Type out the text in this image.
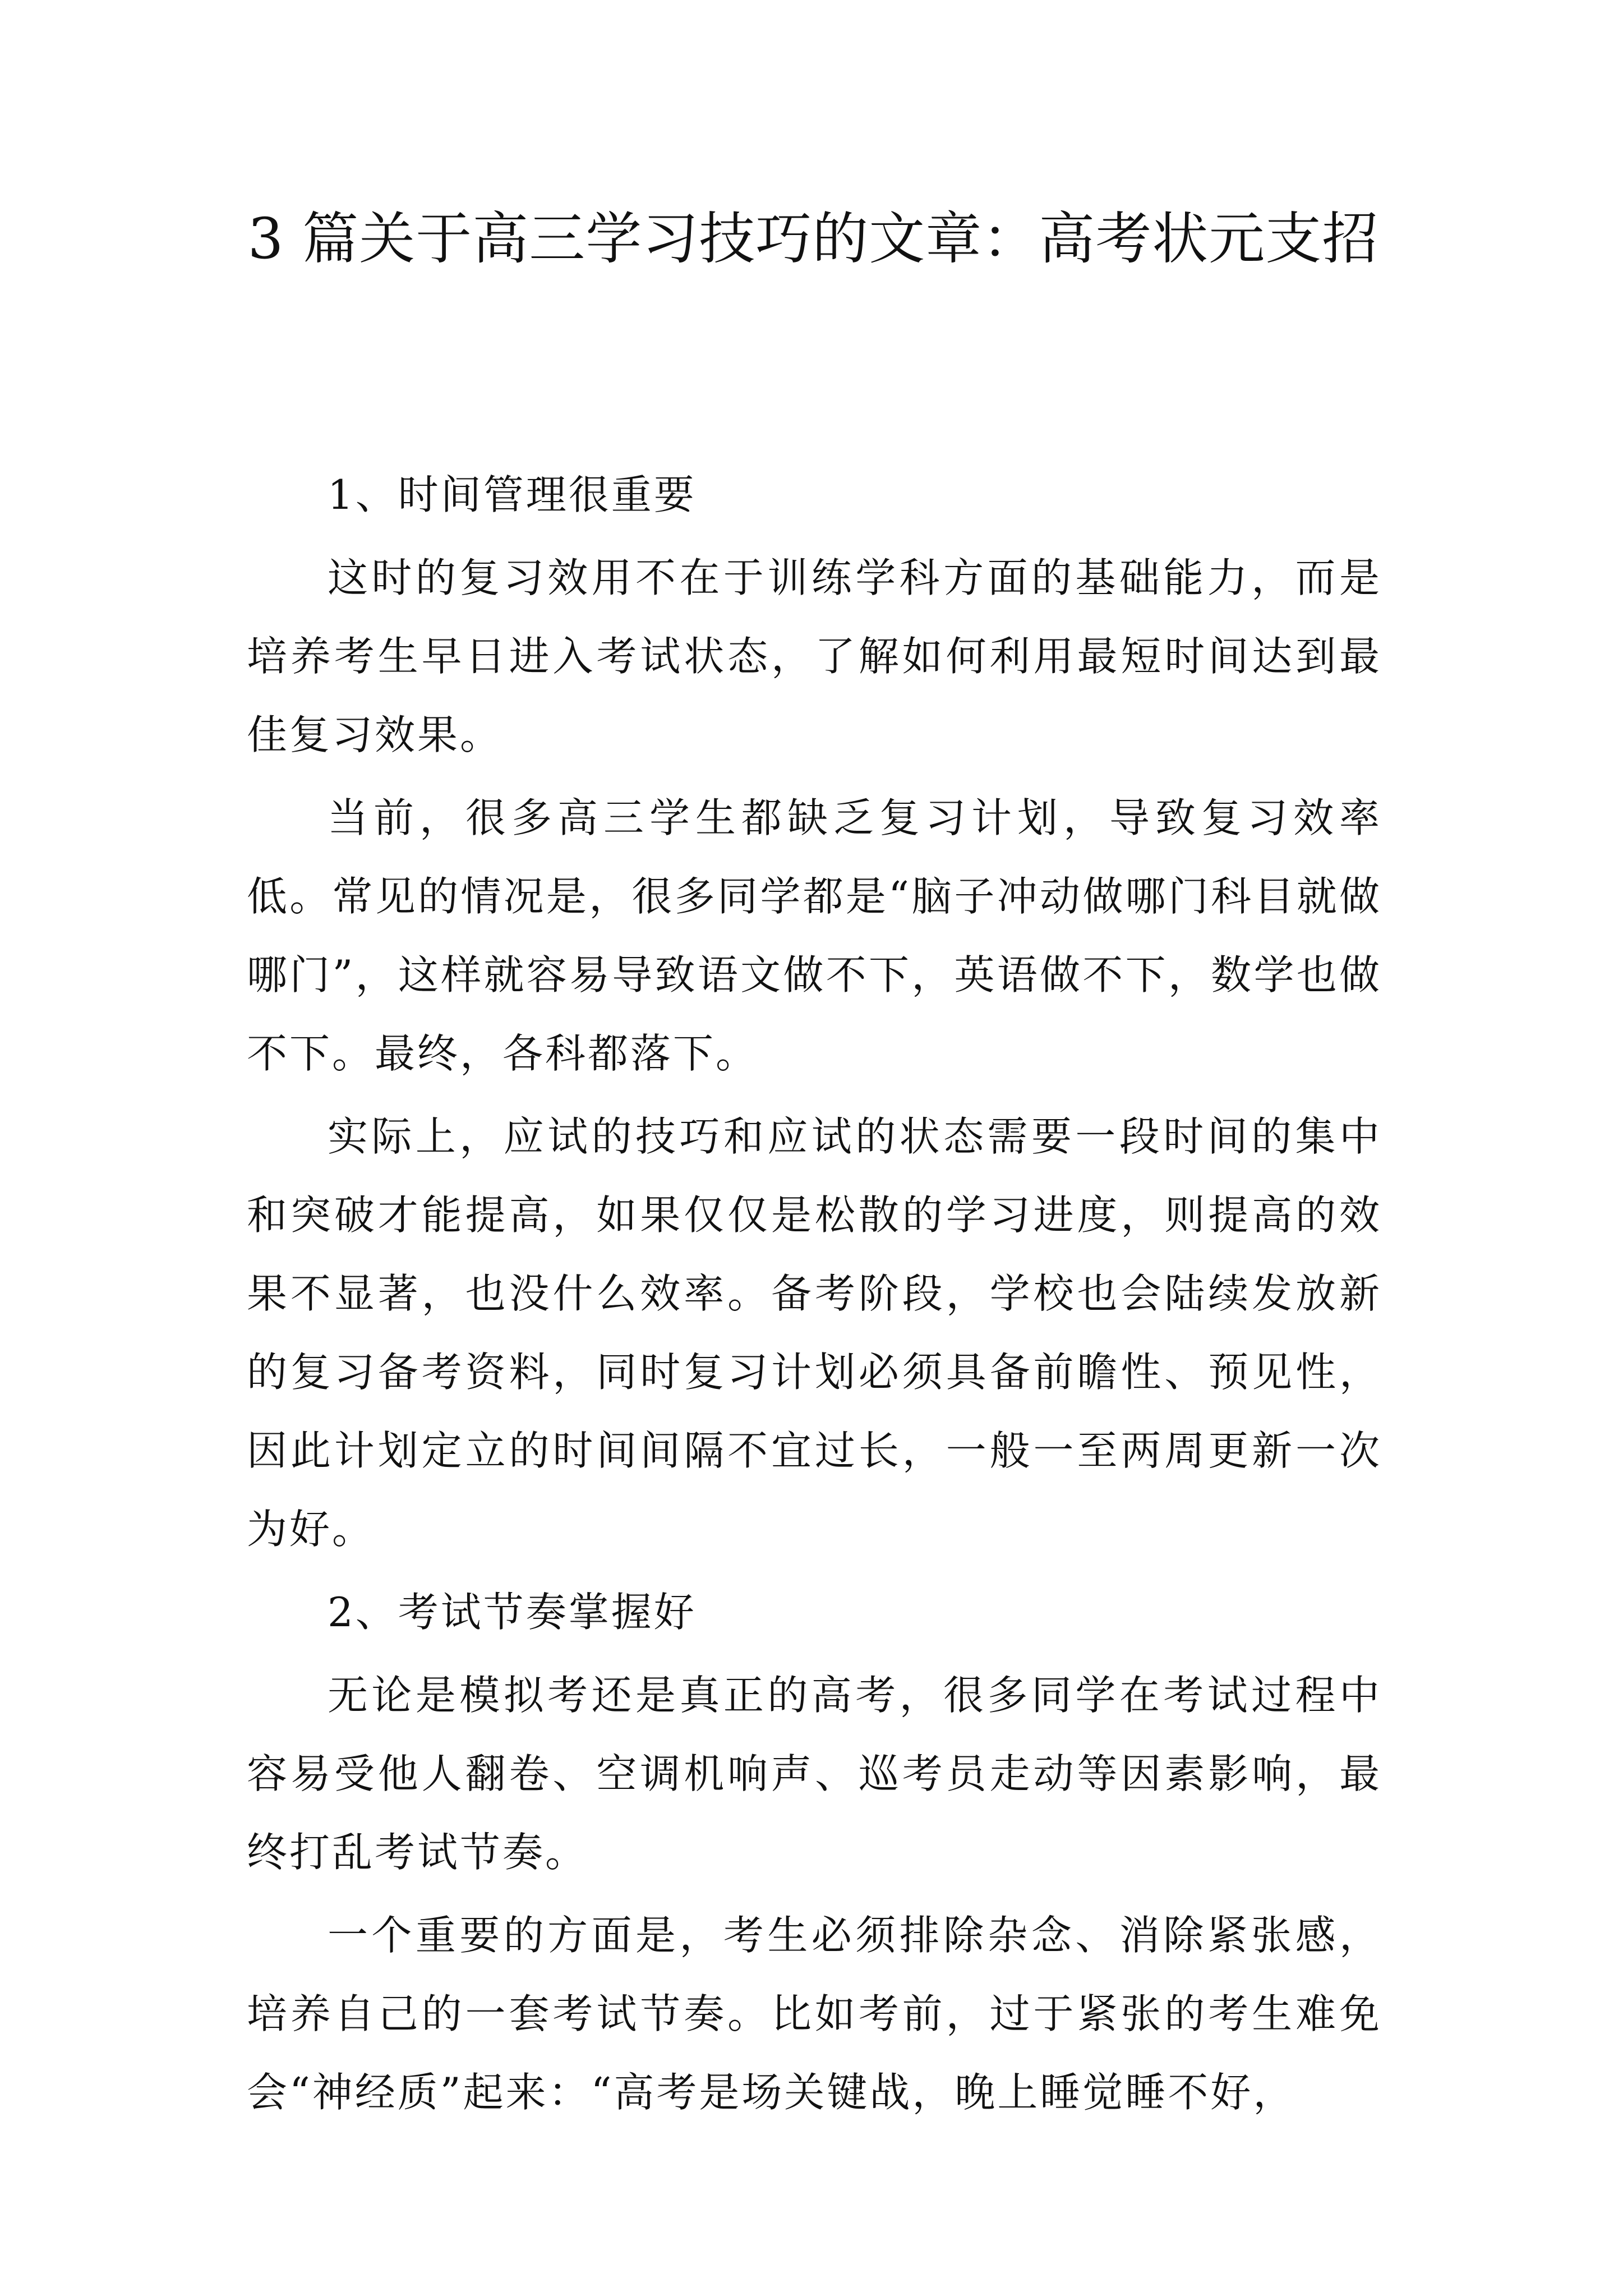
3 篇关于高三学习技巧的文章：高考状元支招

1、时间管理很重要

这时的复习效用不在于训练学科方面的基础能力，而是培养考生早日进入考试状态，了解如何利用最短时间达到最佳复习效果。

当前，很多高三学生都缺乏复习计划，导致复习效率低。常见的情况是，很多同学都是“脑子冲动做哪门科目就做哪门”，这样就容易导致语文做不下，英语做不下，数学也做不下。最终，各科都落下。

实际上，应试的技巧和应试的状态需要一段时间的集中和突破才能提高，如果仅仅是松散的学习进度，则提高的效果不显著，也没什么效率。备考阶段，学校也会陆续发放新的复习备考资料，同时复习计划必须具备前瞻性、预见性，因此计划定立的时间间隔不宜过长，一般一至两周更新一次为好。

2、考试节奏掌握好

无论是模拟考还是真正的高考，很多同学在考试过程中容易受他人翻卷、空调机响声、巡考员走动等因素影响，最终打乱考试节奏。

一个重要的方面是，考生必须排除杂念、消除紧张感，培养自己的一套考试节奏。比如考前，过于紧张的考生难免会“神经质”起来：“高考是场关键战，晚上睡觉睡不好，
